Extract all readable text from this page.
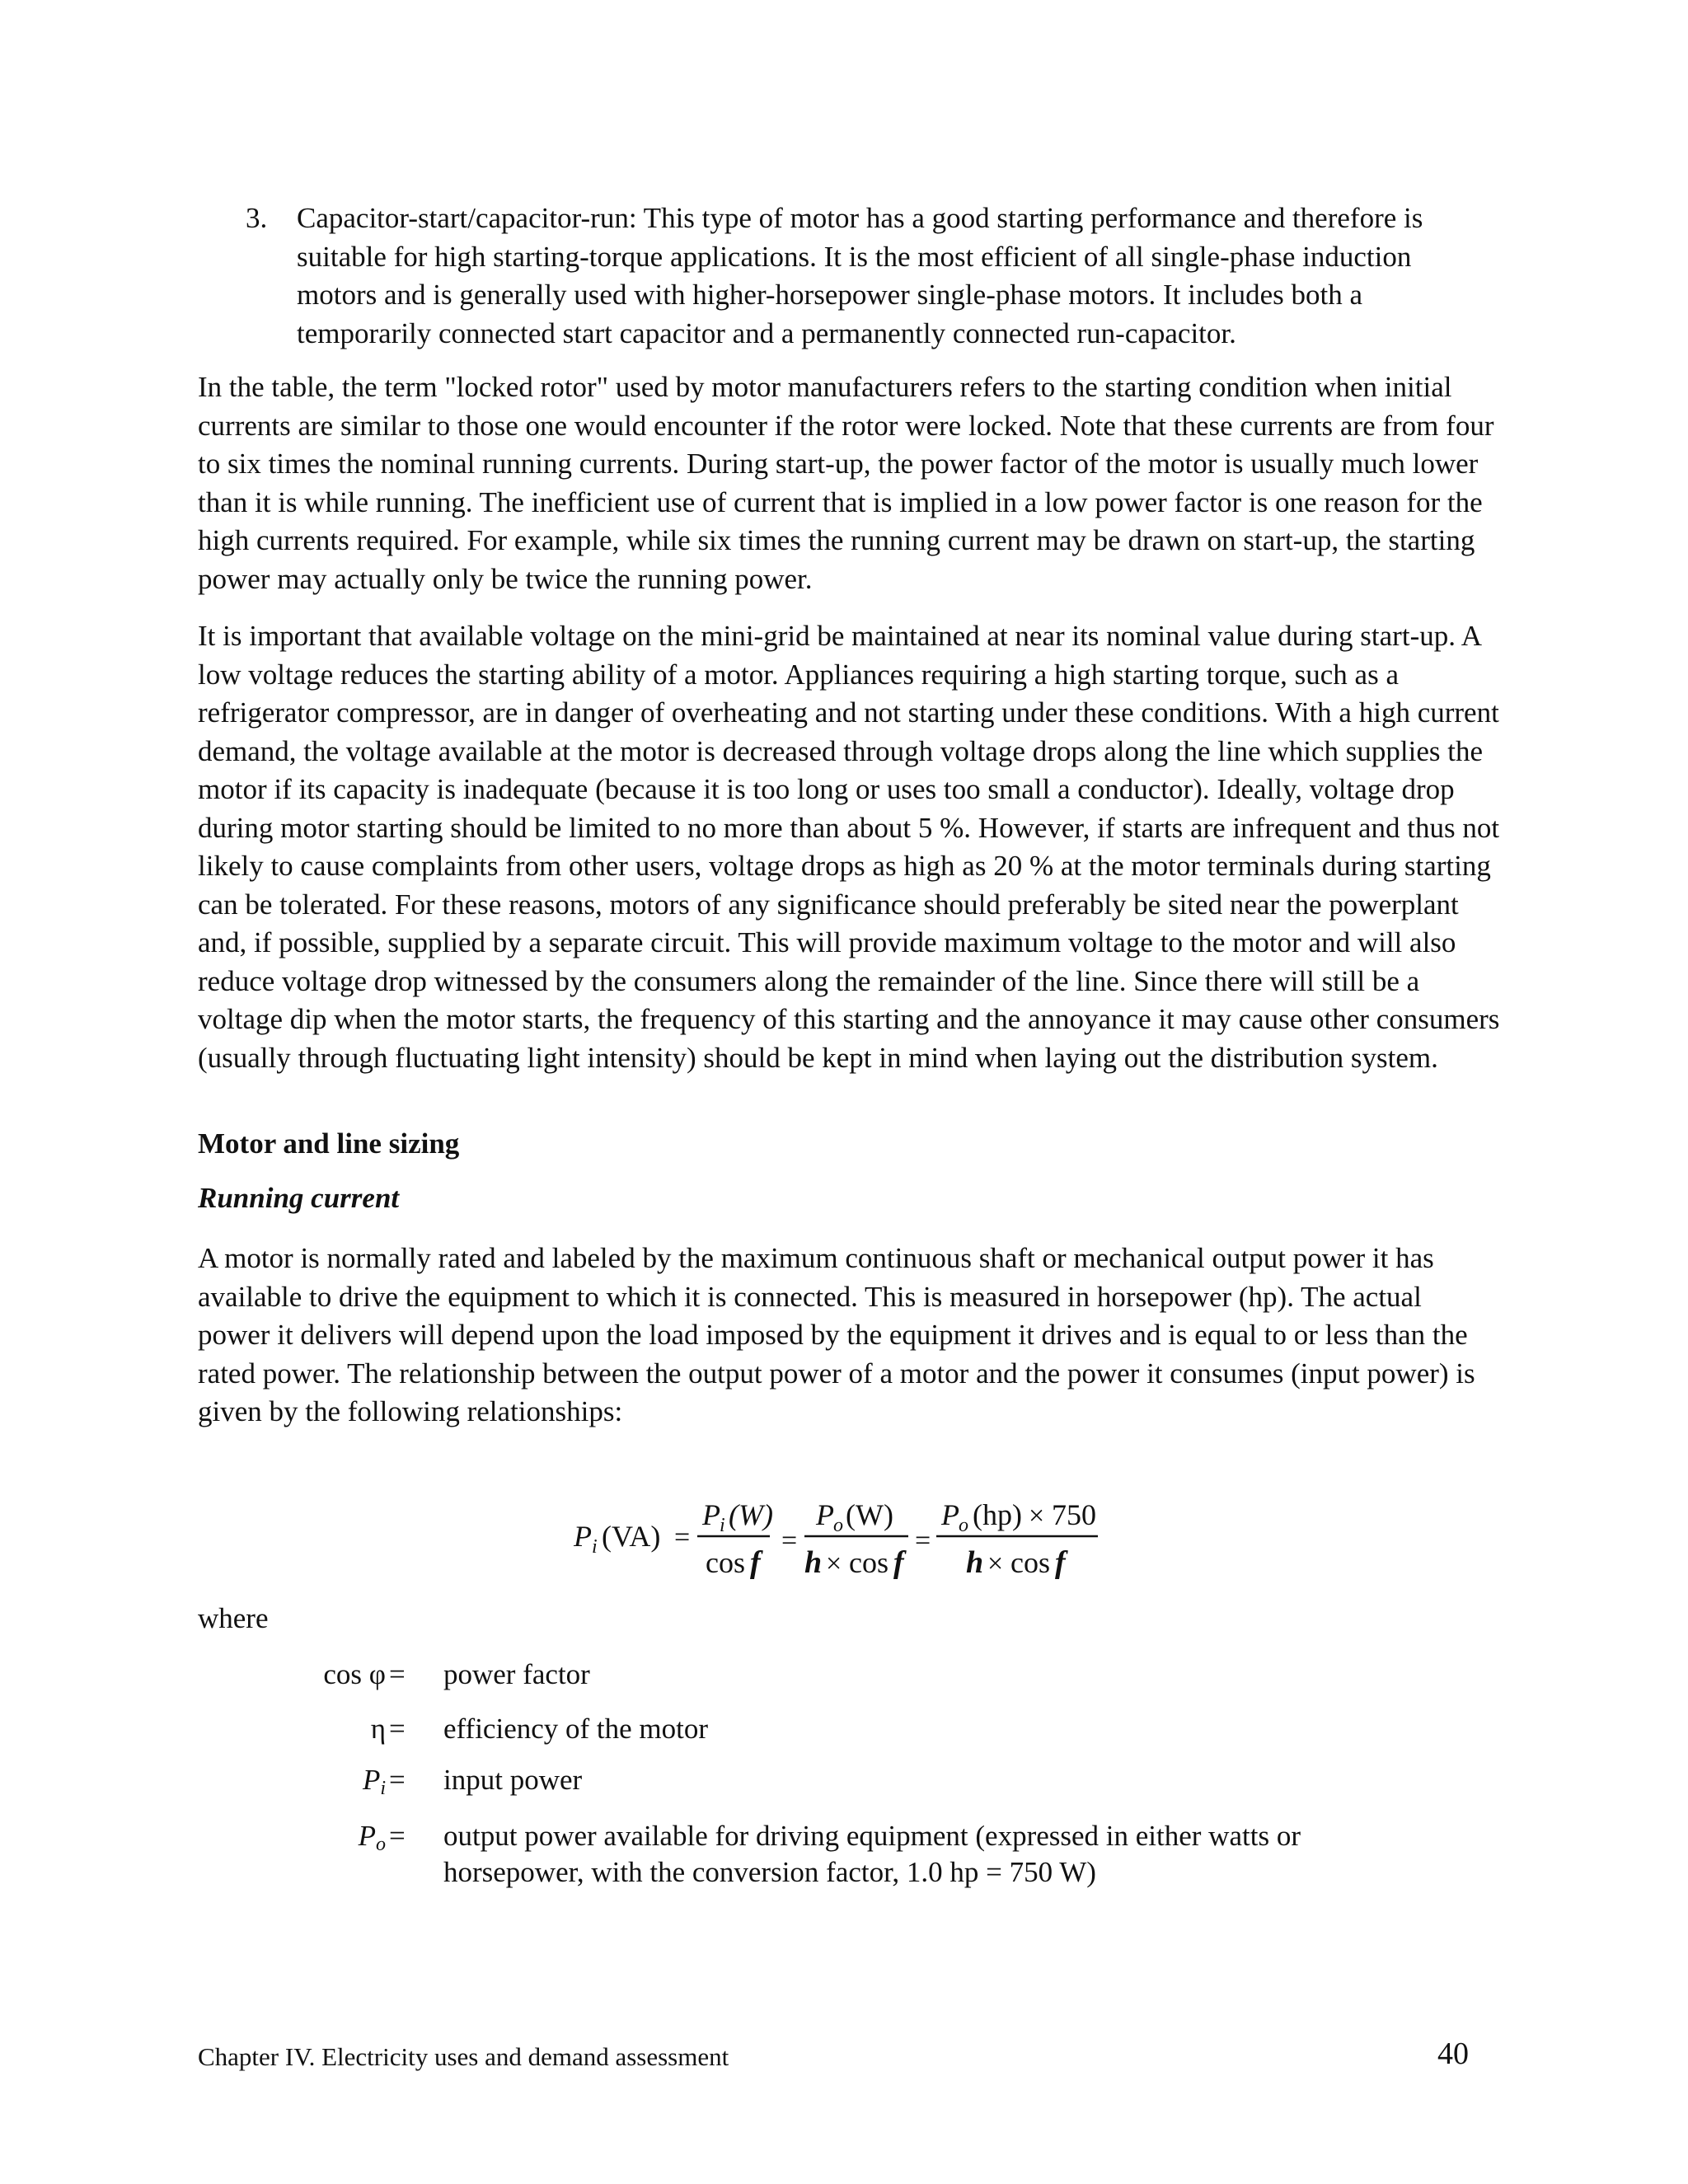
3. Capacitor-start/capacitor-run: This type of motor has a good starting performance and therefore is suitable for high starting-torque applications. It is the most efficient of all single-phase induction motors and is generally used with higher-horsepower single-phase motors. It includes both a temporarily connected start capacitor and a permanently connected run-capacitor.

In the table, the term "locked rotor" used by motor manufacturers refers to the starting condition when initial currents are similar to those one would encounter if the rotor were locked. Note that these currents are from four to six times the nominal running currents. During start-up, the power factor of the motor is usually much lower than it is while running. The inefficient use of current that is implied in a low power factor is one reason for the high currents required. For example, while six times the running current may be drawn on start-up, the starting power may actually only be twice the running power.

It is important that available voltage on the mini-grid be maintained at near its nominal value during start-up. A low voltage reduces the starting ability of a motor. Appliances requiring a high starting torque, such as a refrigerator compressor, are in danger of overheating and not starting under these conditions. With a high current demand, the voltage available at the motor is decreased through voltage drops along the line which supplies the motor if its capacity is inadequate (because it is too long or uses too small a conductor). Ideally, voltage drop during motor starting should be limited to no more than about 5 %. However, if starts are infrequent and thus not likely to cause complaints from other users, voltage drops as high as 20 % at the motor terminals during starting can be tolerated. For these reasons, motors of any significance should preferably be sited near the powerplant and, if possible, supplied by a separate circuit. This will provide maximum voltage to the motor and will also reduce voltage drop witnessed by the consumers along the remainder of the line. Since there will still be a voltage dip when the motor starts, the frequency of this starting and the annoyance it may cause other consumers (usually through fluctuating light intensity) should be kept in mind when laying out the distribution system.

Motor and line sizing
Running current

A motor is normally rated and labeled by the maximum continuous shaft or mechanical output power it has available to drive the equipment to which it is connected. This is measured in horsepower (hp). The actual power it delivers will depend upon the load imposed by the equipment it drives and is equal to or less than the rated power. The relationship between the output power of a motor and the power it consumes (input power) is given by the following relationships:

P i (VA) =
P i (W)
cos f
=
P o (W)
h × cos f
=
P o (hp) × 750
h × cos f
where
cos φ = power factor
η = efficiency of the motor
$P_i$ = input power
$P_o$ = output power available for driving equipment (expressed in either watts or horsepower, with the conversion factor, 1.0 hp = 750 W)
Chapter IV. Electricity uses and demand assessment	40
